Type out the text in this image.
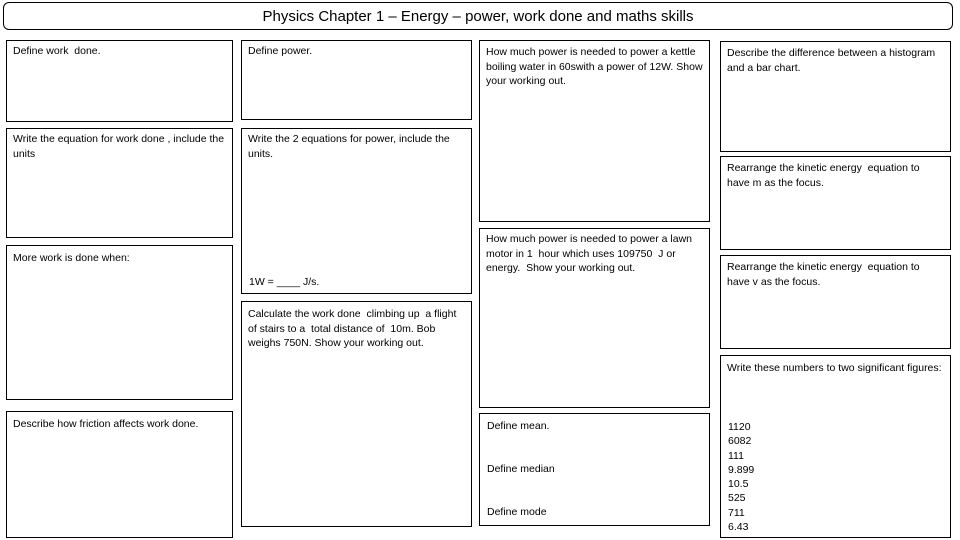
Physics Chapter 1 – Energy – power, work done and maths skills
Define work  done.
Write the equation for work done , include the units
More work is done when:
Describe how friction affects work done.
Define power.
Write the 2 equations for power, include the units.
1W = ____ J/s.
Calculate the work done  climbing up  a flight of stairs to a  total distance of  10m. Bob weighs 750N. Show your working out.
How much power is needed to power a kettle  boiling water in 60swith a power of 12W. Show your working out.
How much power is needed to power a lawn motor in 1  hour which uses 109750  J or energy.  Show your working out.
Define mean.
Define median
Define mode
Describe the difference between a histogram and a bar chart.
Rearrange the kinetic energy  equation to have m as the focus.
Rearrange the kinetic energy  equation to have v as the focus.
Write these numbers to two significant figures:
1120
6082
111
9.899
10.5
525
711
6.43
